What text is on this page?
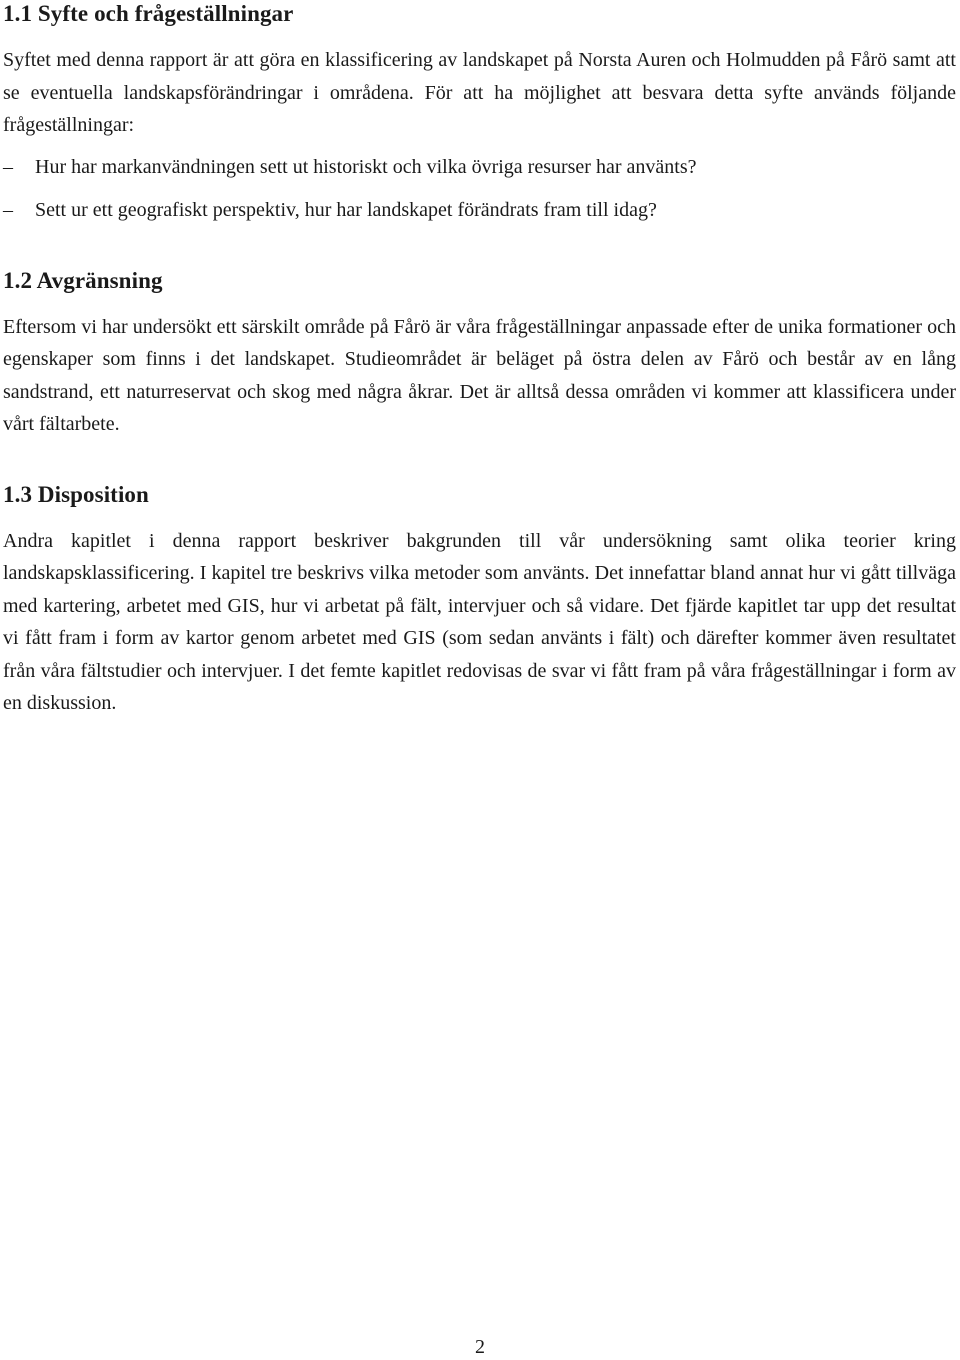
1.1 Syfte och frågeställningar

Syftet med denna rapport är att göra en klassificering av landskapet på Norsta Auren och Holmudden på Fårö samt att se eventuella landskapsförändringar i områdena. För att ha möjlighet att besvara detta syfte används följande frågeställningar:

– Hur har markanvändningen sett ut historiskt och vilka övriga resurser har använts?
– Sett ur ett geografiskt perspektiv, hur har landskapet förändrats fram till idag?
1.2 Avgränsning

Eftersom vi har undersökt ett särskilt område på Fårö är våra frågeställningar anpassade efter de unika formationer och egenskaper som finns i det landskapet. Studieområdet är beläget på östra delen av Fårö och består av en lång sandstrand, ett naturreservat och skog med några åkrar. Det är alltså dessa områden vi kommer att klassificera under vårt fältarbete.

1.3 Disposition

Andra kapitlet i denna rapport beskriver bakgrunden till vår undersökning samt olika teorier kring landskapsklassificering. I kapitel tre beskrivs vilka metoder som använts. Det innefattar bland annat hur vi gått tillväga med kartering, arbetet med GIS, hur vi arbetat på fält, intervjuer och så vidare. Det fjärde kapitlet tar upp det resultat vi fått fram i form av kartor genom arbetet med GIS (som sedan använts i fält) och därefter kommer även resultatet från våra fältstudier och intervjuer. I det femte kapitlet redovisas de svar vi fått fram på våra frågeställningar i form av en diskussion.

2
